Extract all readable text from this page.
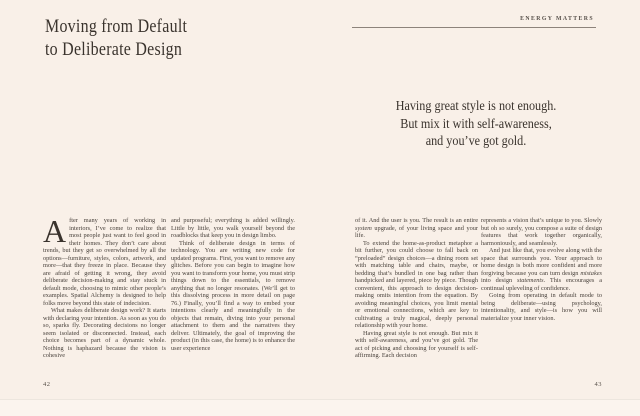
Moving from Default
to Deliberate Design

After many years of working in interiors, I’ve come to realize that most people just want to feel good in their homes. They don’t care about trends, but they get so overwhelmed by all the options—furniture, styles, colors, artwork, and more—that they freeze in place. Because they are afraid of getting it wrong, they avoid deliberate decision-making and stay stuck in default mode, choosing to mimic other people’s examples. Spatial Alchemy is designed to help folks move beyond this state of indecision.

What makes deliberate design work? It starts with declaring your intention. As soon as you do so, sparks fly. Decorating decisions no longer seem isolated or disconnected. Instead, each choice becomes part of a dynamic whole. Nothing is haphazard because the vision is cohesive

and purposeful; everything is added willingly. Little by little, you walk yourself beyond the roadblocks that keep you in design limbo.

Think of deliberate design in terms of technology. You are writing new code for updated programs. First, you want to remove any glitches. Before you can begin to imagine how you want to transform your home, you must strip things down to the essentials, to remove anything that no longer resonates. (We’ll get to this dissolving process in more detail on page 76.) Finally, you’ll find a way to embed your intentions clearly and meaningfully in the objects that remain, diving into your personal attachment to them and the narratives they deliver. Ultimately, the goal of improving the product (in this case, the home) is to enhance the user experience

42
ENERGY MATTERS
Having great style is not enough.
But mix it with self-awareness,
and you’ve got gold.

of it. And the user is you. The result is an entire system upgrade, of your living space and your life.

To extend the home-as-product metaphor a bit further, you could choose to fall back on “preloaded” design choices—a dining room set with matching table and chairs, maybe, or bedding that’s bundled in one bag rather than handpicked and layered, piece by piece. Though convenient, this approach to design decision-making omits intention from the equation. By avoiding meaningful choices, you limit mental or emotional connections, which are key to cultivating a truly magical, deeply personal relationship with your home.

Having great style is not enough. But mix it with self-awareness, and you’ve got gold. The act of picking and choosing for yourself is self-affirming. Each decision

represents a vision that’s unique to you. Slowly but oh so surely, you compose a suite of design features that work together organically, harmoniously, and seamlessly.

And just like that, you evolve along with the space that surrounds you. Your approach to home design is both more confident and more forgiving because you can turn design mistakes into design statements. This encourages a continual upleveling of confidence.

Going from operating in default mode to being deliberate—using psychology, intentionality, and style—is how you will materialize your inner vision.

43
